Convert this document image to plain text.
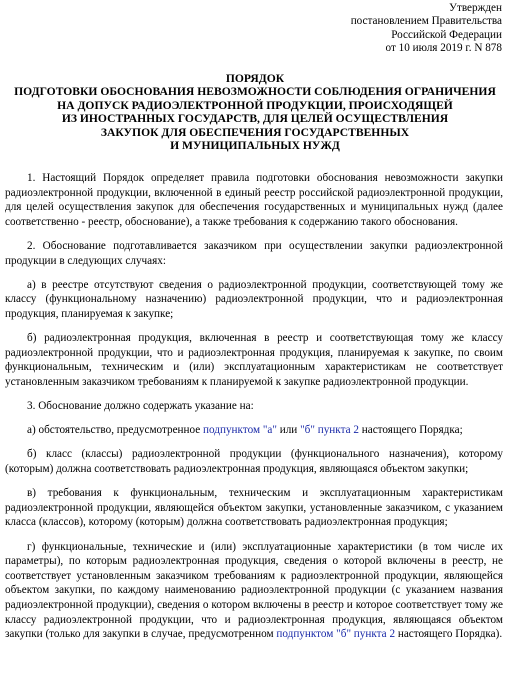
Утвержден
постановлением Правительства
Российской Федерации
от 10 июля 2019 г. N 878
ПОРЯДОК
ПОДГОТОВКИ ОБОСНОВАНИЯ НЕВОЗМОЖНОСТИ СОБЛЮДЕНИЯ ОГРАНИЧЕНИЯ
НА ДОПУСК РАДИОЭЛЕКТРОННОЙ ПРОДУКЦИИ, ПРОИСХОДЯЩЕЙ
ИЗ ИНОСТРАННЫХ ГОСУДАРСТВ, ДЛЯ ЦЕЛЕЙ ОСУЩЕСТВЛЕНИЯ
ЗАКУПОК ДЛЯ ОБЕСПЕЧЕНИЯ ГОСУДАРСТВЕННЫХ
И МУНИЦИПАЛЬНЫХ НУЖД

1. Настоящий Порядок определяет правила подготовки обоснования невозможности закупки радиоэлектронной продукции, включенной в единый реестр российской радиоэлектронной продукции, для целей осуществления закупок для обеспечения государственных и муниципальных нужд (далее соответственно - реестр, обоснование), а также требования к содержанию такого обоснования.

2. Обоснование подготавливается заказчиком при осуществлении закупки радиоэлектронной продукции в следующих случаях:

а) в реестре отсутствуют сведения о радиоэлектронной продукции, соответствующей тому же классу (функциональному назначению) радиоэлектронной продукции, что и радиоэлектронная продукция, планируемая к закупке;

б) радиоэлектронная продукция, включенная в реестр и соответствующая тому же классу радиоэлектронной продукции, что и радиоэлектронная продукция, планируемая к закупке, по своим функциональным, техническим и (или) эксплуатационным характеристикам не соответствует установленным заказчиком требованиям к планируемой к закупке радиоэлектронной продукции.

3. Обоснование должно содержать указание на:

а) обстоятельство, предусмотренное подпунктом "а" или "б" пункта 2 настоящего Порядка;

б) класс (классы) радиоэлектронной продукции (функционального назначения), которому (которым) должна соответствовать радиоэлектронная продукция, являющаяся объектом закупки;

в) требования к функциональным, техническим и эксплуатационным характеристикам радиоэлектронной продукции, являющейся объектом закупки, установленные заказчиком, с указанием класса (классов), которому (которым) должна соответствовать радиоэлектронная продукция;

г) функциональные, технические и (или) эксплуатационные характеристики (в том числе их параметры), по которым радиоэлектронная продукция, сведения о которой включены в реестр, не соответствует установленным заказчиком требованиям к радиоэлектронной продукции, являющейся объектом закупки, по каждому наименованию радиоэлектронной продукции (с указанием названия радиоэлектронной продукции), сведения о котором включены в реестр и которое соответствует тому же классу радиоэлектронной продукции, что и радиоэлектронная продукция, являющаяся объектом закупки (только для закупки в случае, предусмотренном подпунктом "б" пункта 2 настоящего Порядка).
